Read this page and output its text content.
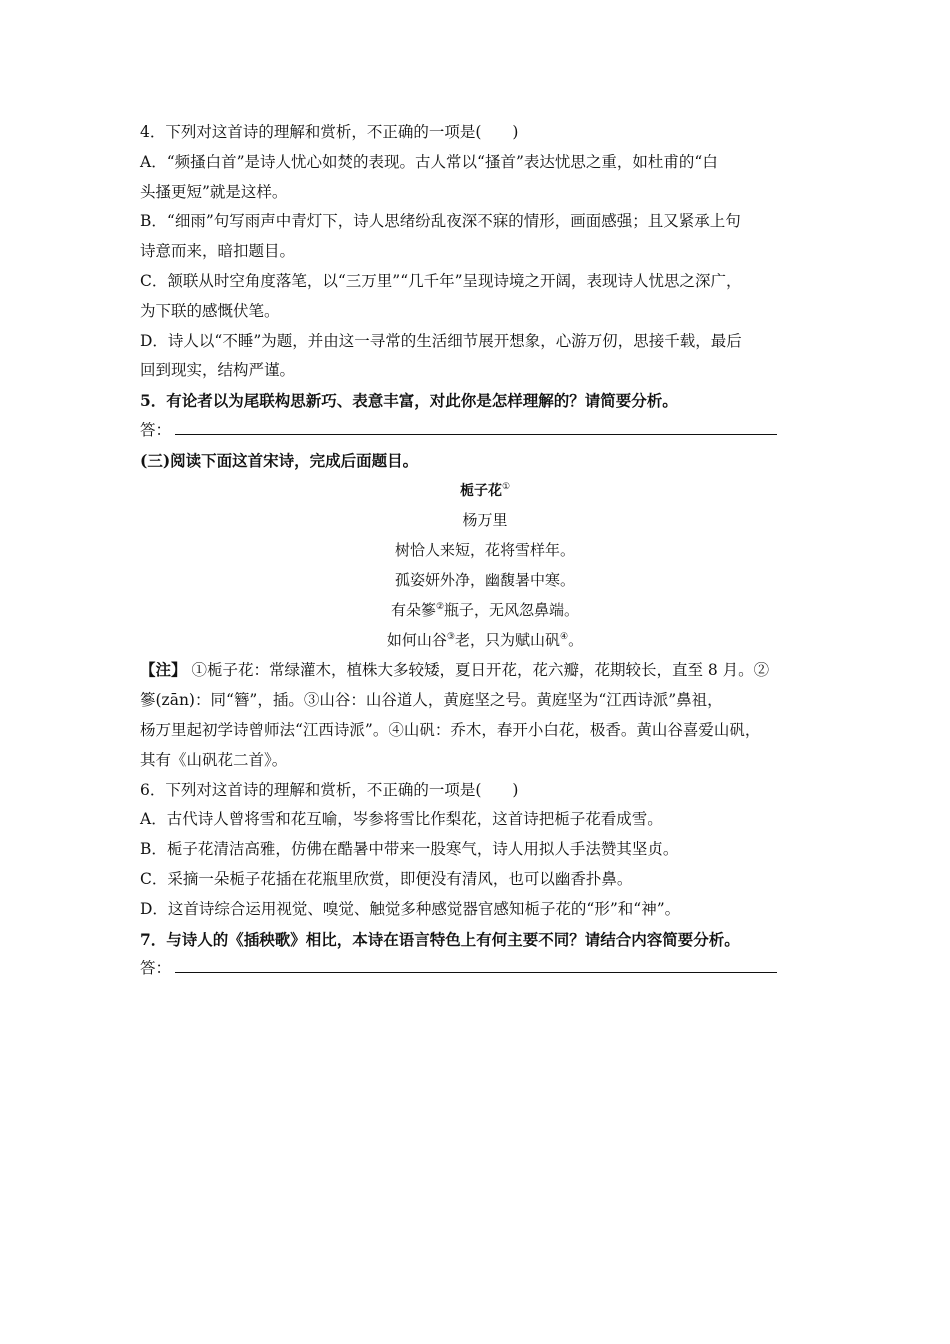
4．下列对这首诗的理解和赏析，不正确的一项是(　　)
A．“频搔白首”是诗人忧心如焚的表现。古人常以“搔首”表达忧思之重，如杜甫的“白
头搔更短”就是这样。
B．“细雨”句写雨声中青灯下，诗人思绪纷乱夜深不寐的情形，画面感强；且又紧承上句
诗意而来，暗扣题目。
C．颔联从时空角度落笔，以“三万里”“几千年”呈现诗境之开阔，表现诗人忧思之深广，
为下联的感慨伏笔。
D．诗人以“不睡”为题，并由这一寻常的生活细节展开想象，心游万仞，思接千载，最后
回到现实，结构严谨。
5．有论者以为尾联构思新巧、表意丰富，对此你是怎样理解的？请简要分析。
答：
(三)阅读下面这首宋诗，完成后面题目。
栀子花①
杨万里
树恰人来短，花将雪样年。
孤姿妍外净，幽馥暑中寒。
有朵篸②瓶子，无风忽鼻端。
如何山谷③老，只为赋山矾④。
【注】 ①栀子花：常绿灌木，植株大多较矮，夏日开花，花六瓣，花期较长，直至 8 月。②
篸(zān)：同“簪”，插。③山谷：山谷道人，黄庭坚之号。黄庭坚为“江西诗派”鼻祖，
杨万里起初学诗曾师法“江西诗派”。④山矾：乔木，春开小白花，极香。黄山谷喜爱山矾，
其有《山矾花二首》。
6．下列对这首诗的理解和赏析，不正确的一项是(　　)
A．古代诗人曾将雪和花互喻，岑参将雪比作梨花，这首诗把栀子花看成雪。
B．栀子花清洁高雅，仿佛在酷暑中带来一股寒气，诗人用拟人手法赞其坚贞。
C．采摘一朵栀子花插在花瓶里欣赏，即便没有清风，也可以幽香扑鼻。
D．这首诗综合运用视觉、嗅觉、触觉多种感觉器官感知栀子花的“形”和“神”。
7．与诗人的《插秧歌》相比，本诗在语言特色上有何主要不同？请结合内容简要分析。
答：
